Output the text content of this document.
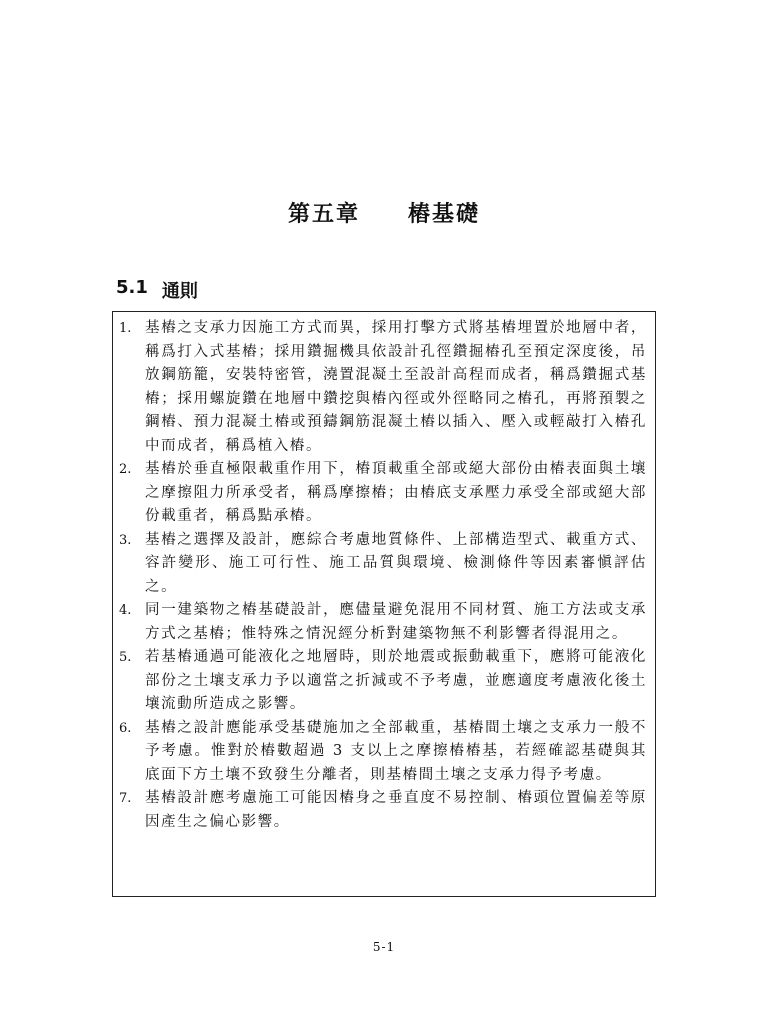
第五章　　樁基礎
5.1 通則
1. 基樁之支承力因施工方式而異，採用打擊方式將基樁埋置於地層中者，稱爲打入式基樁；採用鑽掘機具依設計孔徑鑽掘樁孔至預定深度後，吊放鋼筋籠，安裝特密管，澆置混凝土至設計高程而成者，稱爲鑽掘式基樁；採用螺旋鑽在地層中鑽挖與樁內徑或外徑略同之樁孔，再將預製之鋼樁、預力混凝土樁或預鑄鋼筋混凝土樁以插入、壓入或輕敲打入樁孔中而成者，稱爲植入樁。
2. 基樁於垂直極限載重作用下，樁頂載重全部或絕大部份由樁表面與土壤之摩擦阻力所承受者，稱爲摩擦樁；由樁底支承壓力承受全部或絕大部份載重者，稱爲點承樁。
3. 基樁之選擇及設計，應綜合考慮地質條件、上部構造型式、載重方式、容許變形、施工可行性、施工品質與環境、檢測條件等因素審愼評估之。
4. 同一建築物之樁基礎設計，應儘量避免混用不同材質、施工方法或支承方式之基樁；惟特殊之情況經分析對建築物無不利影響者得混用之。
5. 若基樁通過可能液化之地層時，則於地震或振動載重下，應將可能液化部份之土壤支承力予以適當之折減或不予考慮，並應適度考慮液化後土壤流動所造成之影響。
6. 基樁之設計應能承受基礎施加之全部載重，基樁間土壤之支承力一般不予考慮。惟對於樁數超過 3 支以上之摩擦樁樁基，若經確認基礎與其底面下方土壤不致發生分離者，則基樁間土壤之支承力得予考慮。
7. 基樁設計應考慮施工可能因樁身之垂直度不易控制、樁頭位置偏差等原因產生之偏心影響。
5-1
